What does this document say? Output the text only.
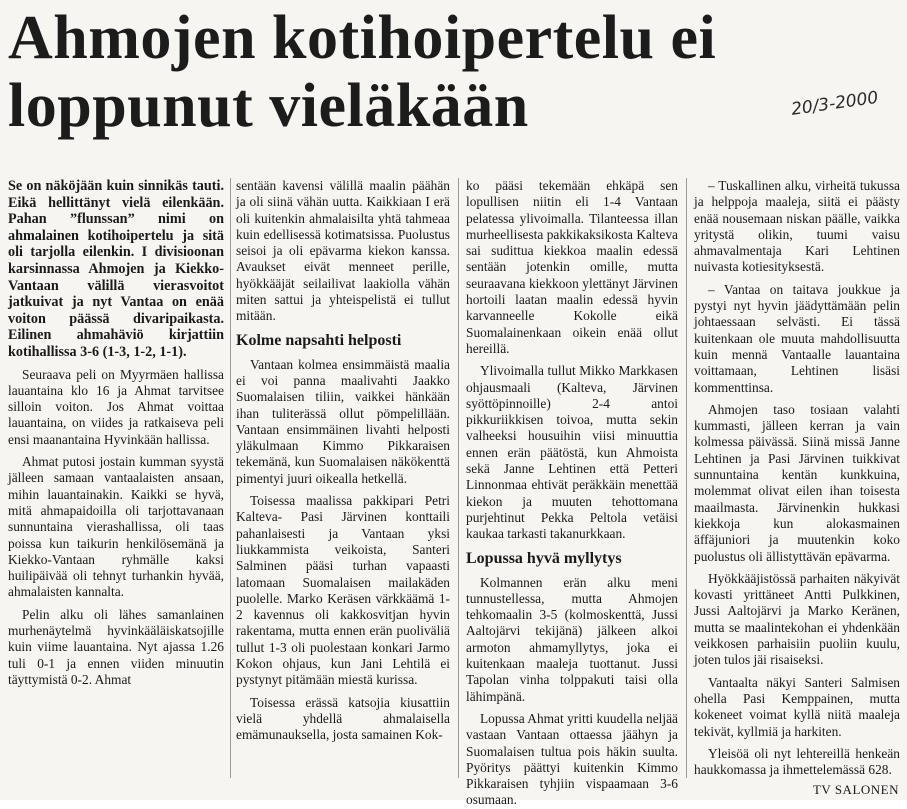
Ahmojen kotihoipertelu ei loppunut vieläkään	20/3-2000

Se on näköjään kuin sinnikäs tauti. Eikä hellittänyt vielä eilenkään. Pahan ”flunssan” nimi on ahmalainen kotihoipertelu ja sitä oli tarjolla eilenkin. I divisioonan karsinnassa Ahmojen ja Kiekko-Vantaan välillä vierasvoitot jatkuivat ja nyt Vantaa on enää voiton päässä divaripaikasta. Eilinen ahmahäviö kirjattiin kotihallissa 3-6 (1-3, 1-2, 1-1).

Seuraava peli on Myyrmäen hallissa lauantaina klo 16 ja Ahmat tarvitsee silloin voiton. Jos Ahmat voittaa lauantaina, on viides ja ratkaiseva peli ensi maanantaina Hyvinkään hallissa.

Ahmat putosi jostain kumman syystä jälleen samaan vantaalaisten ansaan, mihin lauantainakin. Kaikki se hyvä, mitä ahmapaidoilla oli tarjottavanaan sunnuntaina vierashallissa, oli taas poissa kun taikurin henkilösemänä ja Kiekko-Vantaan ryhmälle kaksi huilipäivää oli tehnyt turhankin hyvää, ahmalaisten kannalta.

Pelin alku oli lähes samanlainen murhenäytelmä hyvinkääläiskatsojille kuin viime lauantaina. Nyt ajassa 1.26 tuli 0-1 ja ennen viiden minuutin täyttymistä 0-2. Ahmat

sentään kavensi välillä maalin päähän ja oli siinä vähän uutta. Kaikkiaan I erä oli kuitenkin ahmalaisilta yhtä tahmeaa kuin edellisessä kotimatsissa. Puolustus seisoi ja oli epävarma kiekon kanssa. Avaukset eivät menneet perille, hyökkääjät seilailivat laakiolla vähän miten sattui ja yhteispelistä ei tullut mitään.

Kolme napsahti helposti

Vantaan kolmea ensimmäistä maalia ei voi panna maalivahti Jaakko Suomalaisen tiliin, vaikkei hänkään ihan tuliterässä ollut pömpelillään. Vantaan ensimmäinen livahti helposti yläkulmaan Kimmo Pikkaraisen tekemänä, kun Suomalaisen näkökenttä pimentyi juuri oikealla hetkellä.

Toisessa maalissa pakkipari Petri Kalteva- Pasi Järvinen konttaili pahanlaisesti ja Vantaan yksi liukkammista veikoista, Santeri Salminen pääsi turhan vapaasti latomaan Suomalaisen mailakäden puolelle. Marko Keräsen värkkäämä 1-2 kavennus oli kakkosvitjan hyvin rakentama, mutta ennen erän puoliväliä tullut 1-3 oli puolestaan konkari Jarmo Kokon ohjaus, kun Jani Lehtilä ei pystynyt pitämään miestä kurissa.

Toisessa erässä katsojia kiusattiin vielä yhdellä ahmalaisella emämunauksella, josta samainen Kok-

ko pääsi tekemään ehkäpä sen lopullisen niitin eli 1-4 Vantaan pelatessa ylivoimalla. Tilanteessa illan murheellisesta pakkikaksikosta Kalteva sai sudittua kiekkoa maalin edessä sentään jotenkin omille, mutta seuraavana kiekkoon ylettänyt Järvinen hortoili laatan maalin edessä hyvin karvanneelle Kokolle eikä Suomalainenkaan oikein enää ollut hereillä.

Ylivoimalla tullut Mikko Markkasen ohjausmaali (Kalteva, Järvinen syöttöpinnoille) 2-4 antoi pikkuriikkisen toivoa, mutta sekin valheeksi housuihin viisi minuuttia ennen erän päätöstä, kun Ahmoista sekä Janne Lehtinen että Petteri Linnonmaa ehtivät peräkkäin menettää kiekon ja muuten tehottomana purjehtinut Pekka Peltola vetäisi kaukaa tarkasti takanurkkaan.

Lopussa hyvä myllytys

Kolmannen erän alku meni tunnustellessa, mutta Ahmojen tehkomaalin 3-5 (kolmoskenttä, Jussi Aaltojärvi tekijänä) jälkeen alkoi armoton ahmamyllytys, joka ei kuitenkaan maaleja tuottanut. Jussi Tapolan vinha tolppakuti taisi olla lähimpänä.

Lopussa Ahmat yritti kuudella neljää vastaan Vantaan ottaessa jäähyn ja Suomalaisen tultua pois häkin suulta. Pyöritys päättyi kuitenkin Kimmo Pikkaraisen tyhjiin vispaamaan 3-6 osumaan.

– Tuskallinen alku, virheitä tukussa ja helppoja maaleja, siitä ei päästy enää nousemaan niskan päälle, vaikka yritystä olikin, tuumi vaisu ahmavalmentaja Kari Lehtinen nuivasta kotiesityksestä.

– Vantaa on taitava joukkue ja pystyi nyt hyvin jäädyttämään pelin johtaessaan selvästi. Ei tässä kuitenkaan ole muuta mahdollisuutta kuin mennä Vantaalle lauantaina voittamaan, Lehtinen lisäsi kommenttinsa.

Ahmojen taso tosiaan valahti kummasti, jälleen kerran ja vain kolmessa päivässä. Siinä missä Janne Lehtinen ja Pasi Järvinen tuikkivat sunnuntaina kentän kunkkuina, molemmat olivat eilen ihan toisesta maailmasta. Järvinenkin hukkasi kiekkoja kun alokasmainen äffäjuniori ja muutenkin koko puolustus oli ällistyttävän epävarma.

Hyökkääjistössä parhaiten näkyivät kovasti yrittäneet Antti Pulkkinen, Jussi Aaltojärvi ja Marko Keränen, mutta se maalintekohan ei yhdenkään veikkosen parhaisiin puoliin kuulu, joten tulos jäi risaiseksi.

Vantaalta näkyi Santeri Salmisen ohella Pasi Kemppainen, mutta kokeneet voimat kyllä niitä maaleja tekivät, kyllmiä ja harkiten.

Yleisöä oli nyt lehtereillä henkeän haukkomassa ja ihmettelemässä 628.

TV SALONEN
